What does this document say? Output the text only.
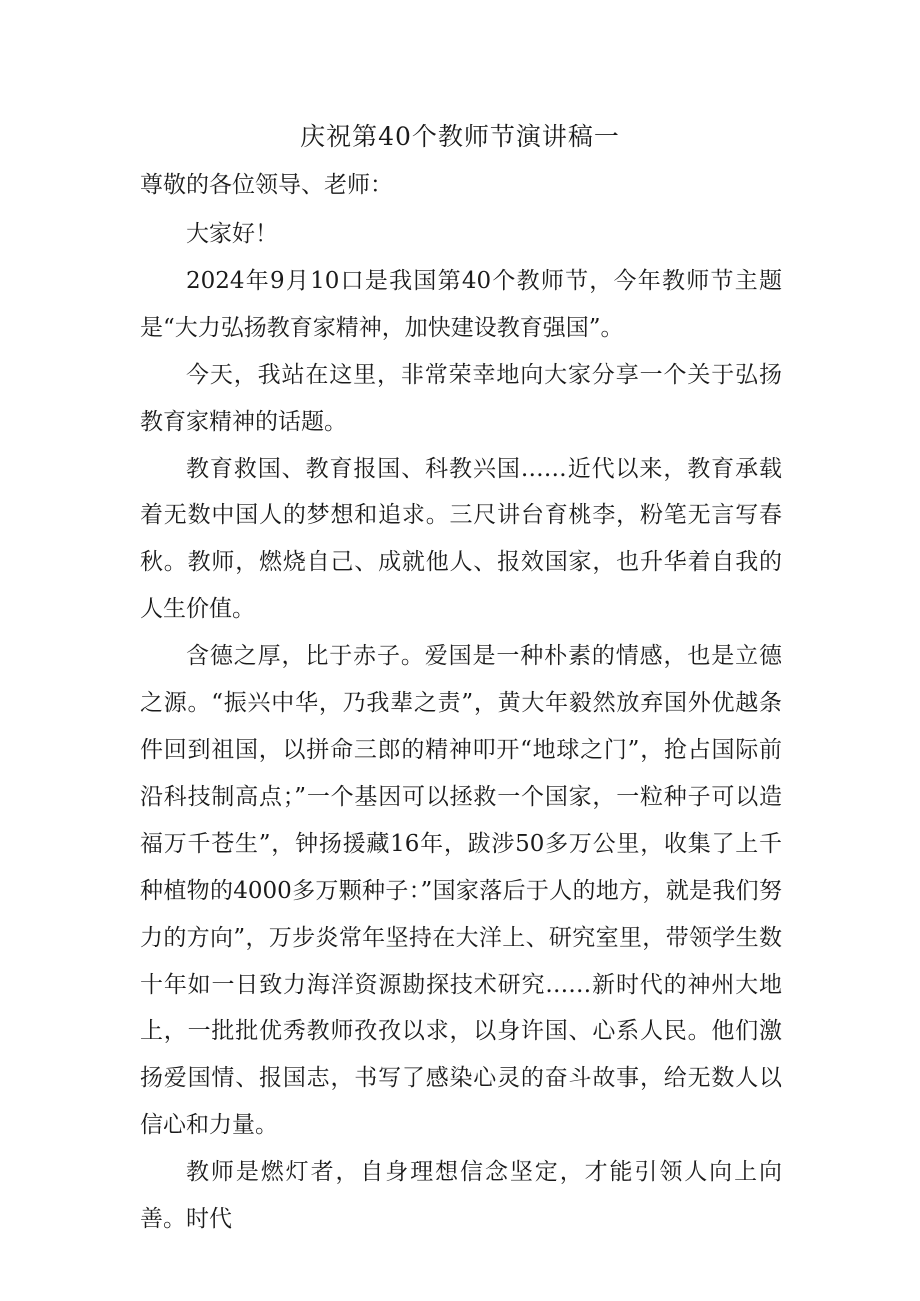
庆祝第40个教师节演讲稿一
尊敬的各位领导、老师：

大家好！

2024年9月10口是我国第40个教师节，今年教师节主题是“大力弘扬教育家精神，加快建设教育强国”。

今天，我站在这里，非常荣幸地向大家分享一个关于弘扬教育家精神的话题。

教育救国、教育报国、科教兴国……近代以来，教育承载着无数中国人的梦想和追求。三尺讲台育桃李，粉笔无言写春秋。教师，燃烧自己、成就他人、报效国家，也升华着自我的人生价值。

含德之厚，比于赤子。爱国是一种朴素的情感，也是立德之源。“振兴中华，乃我辈之责”，黄大年毅然放弃国外优越条件回到祖国，以拼命三郎的精神叩开“地球之门”，抢占国际前沿科技制高点；”一个基因可以拯救一个国家，一粒种子可以造福万千苍生”，钟扬援藏16年，跋涉50多万公里，收集了上千种植物的4000多万颗种子：”国家落后于人的地方，就是我们努力的方向”，万步炎常年坚持在大洋上、研究室里，带领学生数十年如一日致力海洋资源勘探技术研究……新时代的神州大地上，一批批优秀教师孜孜以求，以身许国、心系人民。他们激扬爱国情、报国志，书写了感染心灵的奋斗故事，给无数人以信心和力量。

教师是燃灯者，自身理想信念坚定，才能引领人向上向善。时代
